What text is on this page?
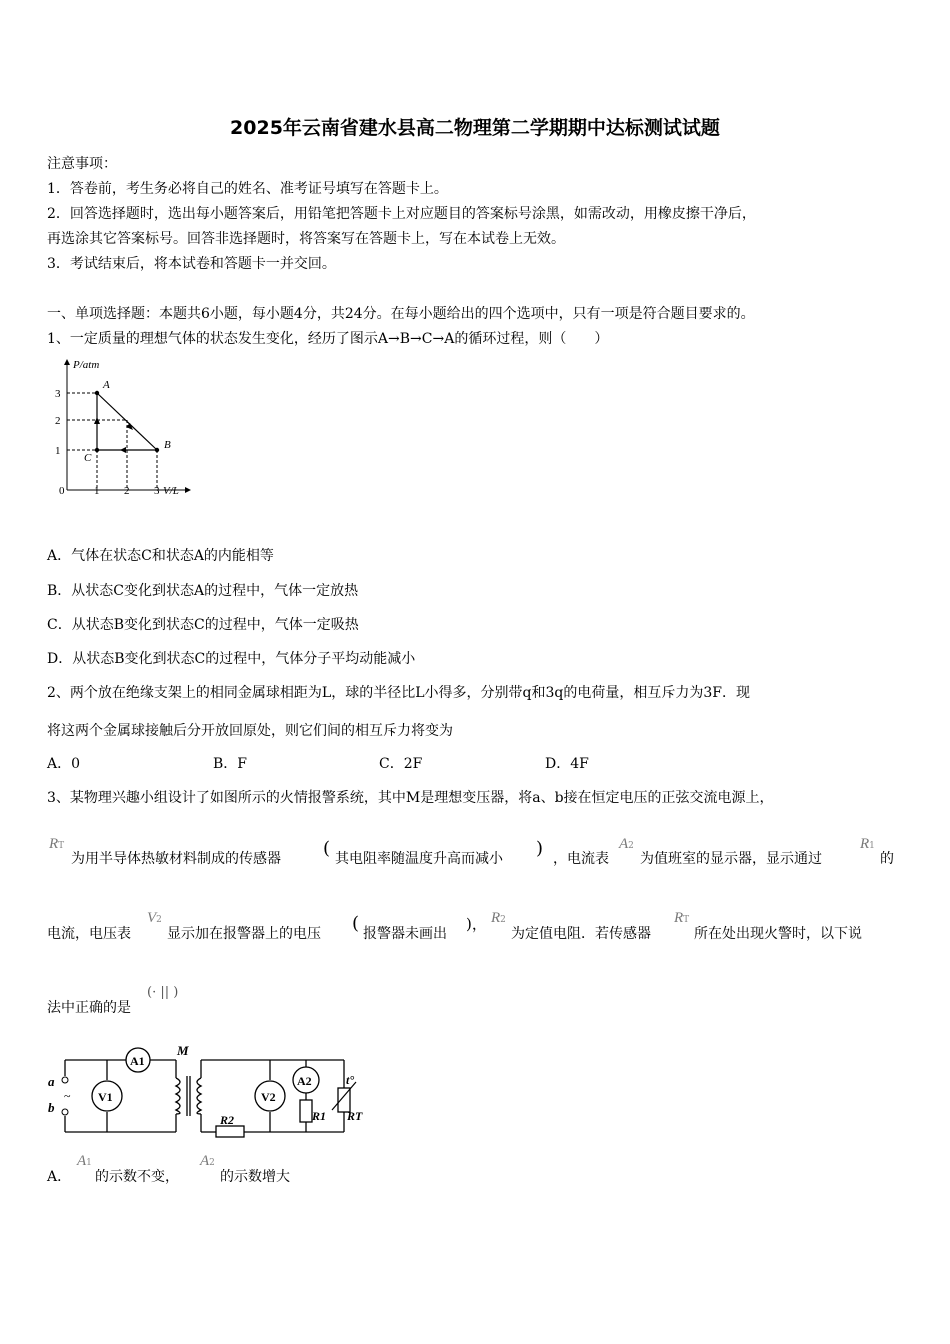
2025年云南省建水县高二物理第二学期期中达标测试试题
注意事项：
1．答卷前，考生务必将自己的姓名、准考证号填写在答题卡上。
2．回答选择题时，选出每小题答案后，用铅笔把答题卡上对应题目的答案标号涂黑，如需改动，用橡皮擦干净后，
再选涂其它答案标号。回答非选择题时，将答案写在答题卡上，写在本试卷上无效。
3．考试结束后，将本试卷和答题卡一并交回。
一、单项选择题：本题共6小题，每小题4分，共24分。在每小题给出的四个选项中，只有一项是符合题目要求的。
1、一定质量的理想气体的状态发生变化，经历了图示A→B→C→A的循环过程，则（　　）
P/atm
V/L
3
2
1
0	1 2 3
A
B
C
A．气体在状态C和状态A的内能相等
B．从状态C变化到状态A的过程中，气体一定放热
C．从状态B变化到状态C的过程中，气体一定吸热
D．从状态B变化到状态C的过程中，气体分子平均动能减小
2、两个放在绝缘支架上的相同金属球相距为L，球的半径比L小得多，分别带q和3q的电荷量，相互斥力为3F．现
将这两个金属球接触后分开放回原处，则它们间的相互斥力将变为
A．0	B．F	C．2F	D．4F
3、某物理兴趣小组设计了如图所示的火情报警系统，其中M是理想变压器，将a、b接在恒定电压的正弦交流电源上，
RT
为用半导体热敏材料制成的传感器 ( 其电阻率随温度升高而减小 ) ，电流表
A2
为值班室的显示器，显示通过
R1
的
电流，电压表
V2
显示加在报警器上的电压 ( 报警器未画出
)， R2
为定值电阻．若传感器
RT
所在处出现火警时，以下说
法中正确的是
(· || )
~
a
b
A1
V1
M
R2
V2
A2
R1
t°
RT
A．
A1
的示数不变，
A2
的示数增大
